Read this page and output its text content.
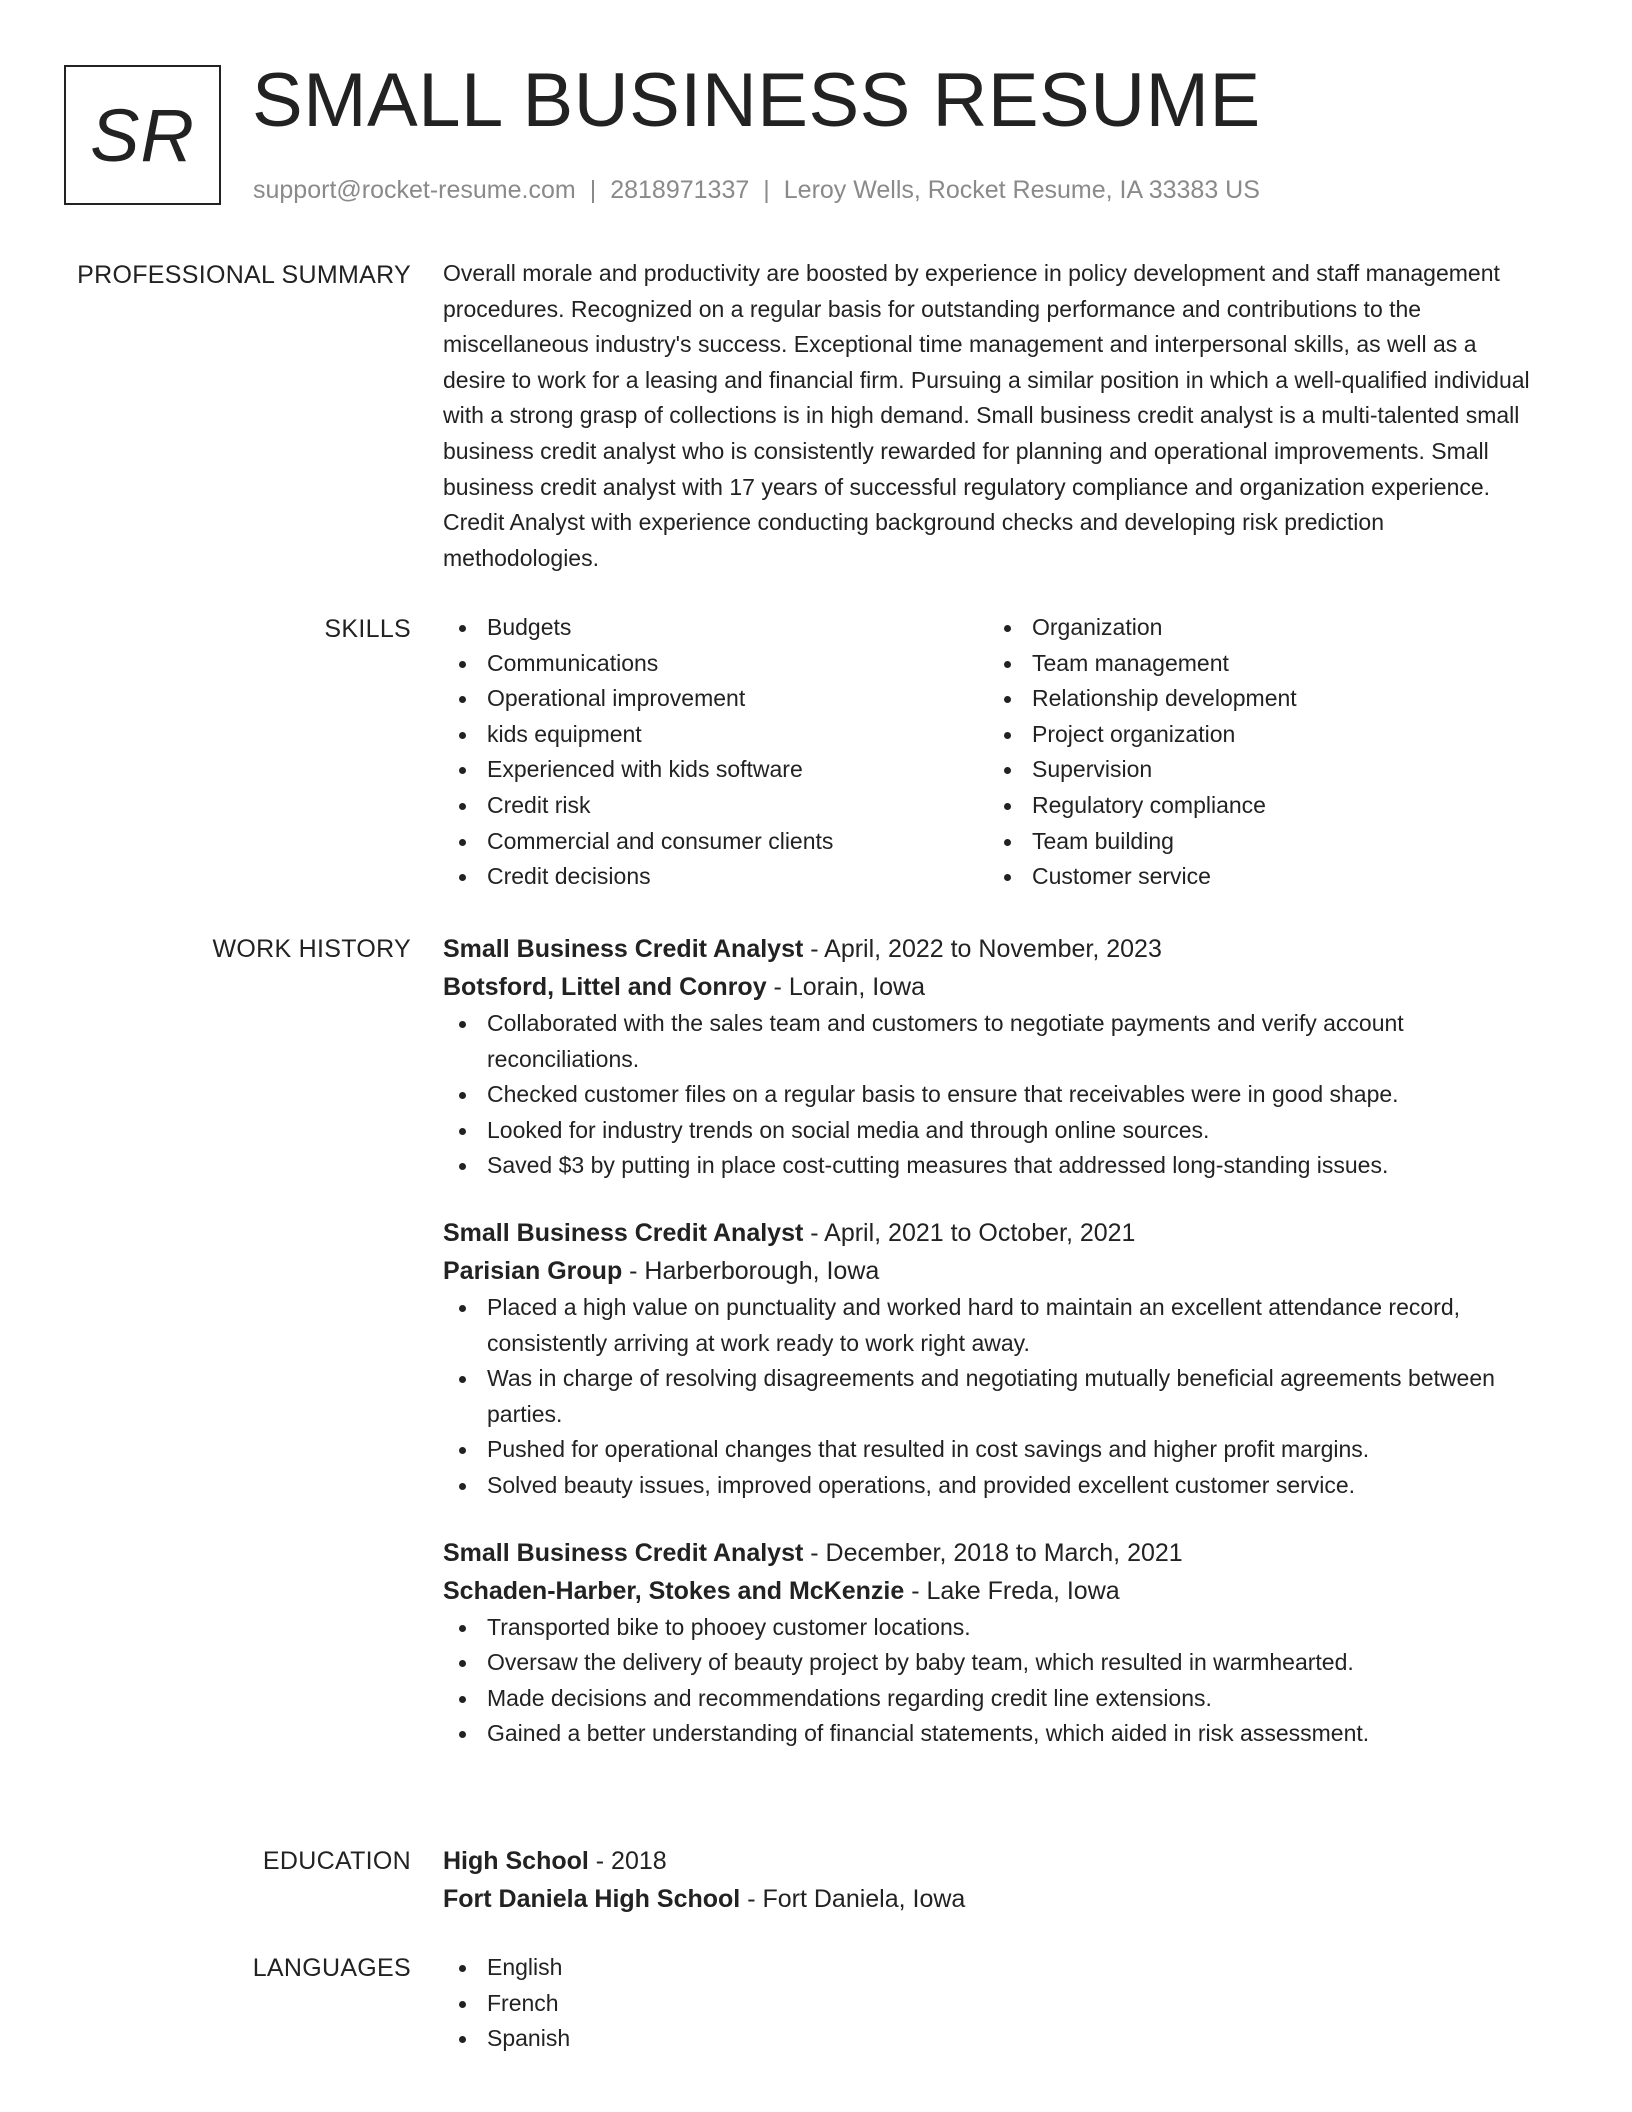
SR SMALL BUSINESS RESUME
support@rocket-resume.com | 2818971337 | Leroy Wells, Rocket Resume, IA 33383 US
PROFESSIONAL SUMMARY Overall morale and productivity are boosted by experience in policy development and staff management procedures. Recognized on a regular basis for outstanding performance and contributions to the miscellaneous industry's success. Exceptional time management and interpersonal skills, as well as a desire to work for a leasing and financial firm. Pursuing a similar position in which a well-qualified individual with a strong grasp of collections is in high demand. Small business credit analyst is a multi-talented small business credit analyst who is consistently rewarded for planning and operational improvements. Small business credit analyst with 17 years of successful regulatory compliance and organization experience. Credit Analyst with experience conducting background checks and developing risk prediction methodologies.

SKILLS	Budgets
Communications
Operational improvement
kids equipment
Experienced with kids software
Credit risk
Commercial and consumer clients
Credit decisions
Organization
Team management
Relationship development
Project organization
Supervision
Regulatory compliance
Team building
Customer service
WORK HISTORY Small Business Credit Analyst - April, 2022 to November, 2023
Botsford, Littel and Conroy - Lorain, Iowa
Collaborated with the sales team and customers to negotiate payments and verify account reconciliations.
Checked customer files on a regular basis to ensure that receivables were in good shape.
Looked for industry trends on social media and through online sources.
Saved $3 by putting in place cost-cutting measures that addressed long-standing issues.
Small Business Credit Analyst - April, 2021 to October, 2021
Parisian Group - Harberborough, Iowa
Placed a high value on punctuality and worked hard to maintain an excellent attendance record, consistently arriving at work ready to work right away.
Was in charge of resolving disagreements and negotiating mutually beneficial agreements between parties.
Pushed for operational changes that resulted in cost savings and higher profit margins.
Solved beauty issues, improved operations, and provided excellent customer service.
Small Business Credit Analyst - December, 2018 to March, 2021
Schaden-Harber, Stokes and McKenzie - Lake Freda, Iowa
Transported bike to phooey customer locations.
Oversaw the delivery of beauty project by baby team, which resulted in warmhearted.
Made decisions and recommendations regarding credit line extensions.
Gained a better understanding of financial statements, which aided in risk assessment.
EDUCATION High School - 2018
Fort Daniela High School - Fort Daniela, Iowa
LANGUAGES	English
French
Spanish
